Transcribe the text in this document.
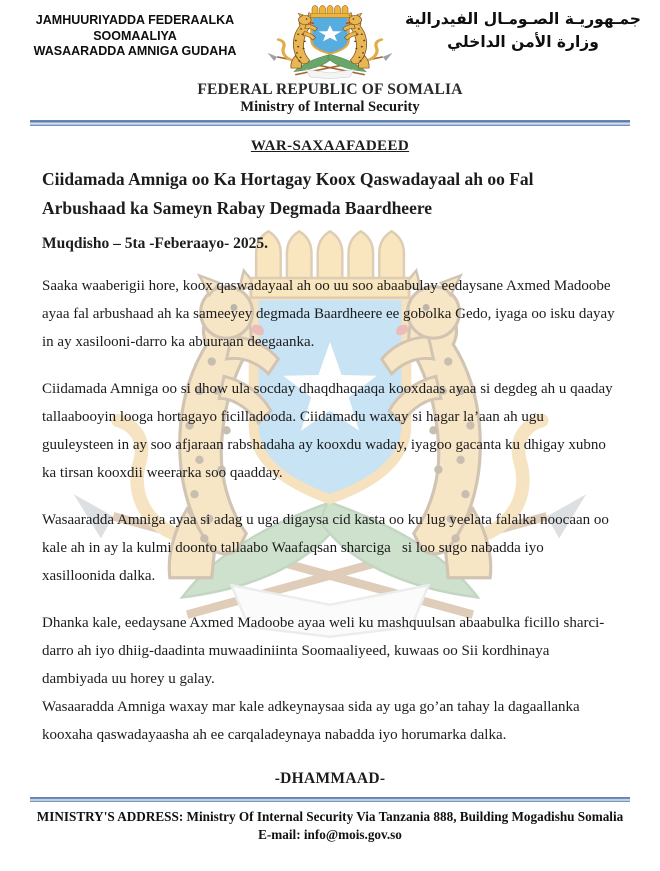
JAMHUURIYADDA FEDERAALKA
SOOMAALIYA
WASAARADDA AMNIGA GUDAHA
جمـهوريـة الصـومـال الفيدرالية
وزارة الأمن الداخلي
FEDERAL REPUBLIC OF SOMALIA
Ministry of Internal Security
WAR-SAXAAFADEED
Ciidamada Amniga oo Ka Hortagay Koox Qaswadayaal ah oo Fal Arbushaad ka Sameyn Rabay Degmada Baardheere
Muqdisho – 5ta -Feberaayo- 2025.

Saaka waaberigii hore, koox qaswadayaal ah oo uu soo abaabulay eedaysane Axmed Madoobe  ayaa fal arbushaad ah ka sameeyey degmada Baardheere ee gobolka Gedo, iyaga oo isku dayay in ay xasilooni-darro ka abuuraan deegaanka.

Ciidamada Amniga oo si dhow ula socday dhaqdhaqaaqa kooxdaas ayaa si degdeg ah u qaaday tallaabooyin looga hortagayo ficilladooda. Ciidamadu waxay si hagar la’aan ah ugu guuleysteen in ay soo afjaraan rabshadaha ay kooxdu waday, iyagoo gacanta ku dhigay xubno ka tirsan kooxdii weerarka soo qaadday.

Wasaaradda Amniga ayaa si adag u uga digaysa cid kasta oo ku lug yeelata falalka noocaan oo kale ah in ay la kulmi doonto tallaabo Waafaqsan sharciga   si loo sugo nabadda iyo xasilloonida dalka.

Dhanka kale, eedaysane Axmed Madoobe ayaa weli ku mashquulsan abaabulka ficillo sharci-darro ah iyo dhiig-daadinta muwaadiniinta Soomaaliyeed, kuwaas oo Sii kordhinaya dambiyada uu horey u galay.

Wasaaradda Amniga waxay mar kale adkeynaysaa sida ay uga go’an tahay la dagaallanka kooxaha qaswadayaasha ah ee carqaladeynaya nabadda iyo horumarka dalka.

-DHAMMAAD-
MINISTRY'S ADDRESS: Ministry Of Internal Security Via Tanzania 888, Building Mogadishu Somalia
E-mail: info@mois.gov.so
